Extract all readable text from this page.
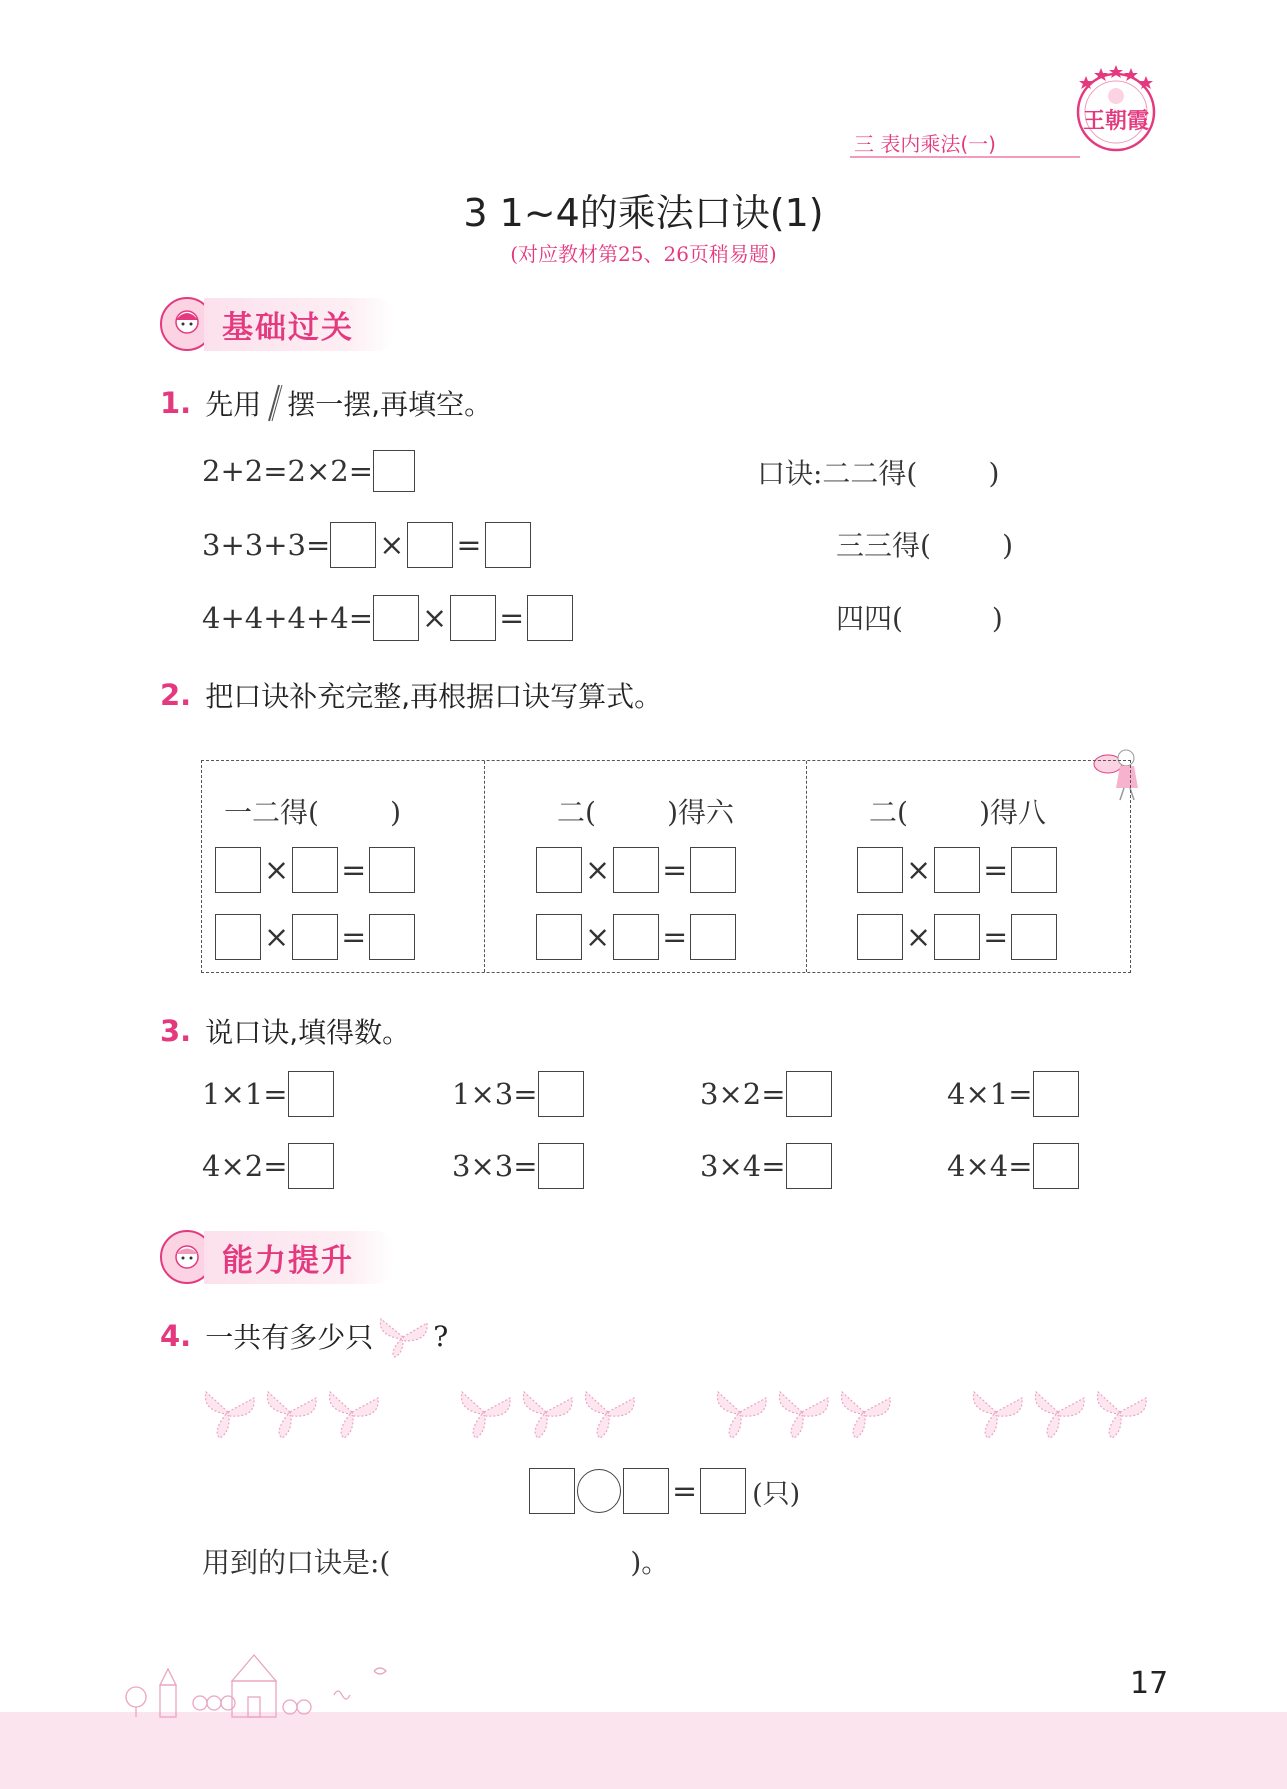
三 表内乘法(一)
王朝霞
3 1~4的乘法口诀(1)
(对应教材第25、26页稍易题)
基础过关
1. 先用 摆一摆,再填空。
2+2=2×2=
3+3+3= × =
4+4+4+4= × =
口诀:二二得(        )
三三得(        )
四四(          )
2. 把口诀补充完整,再根据口诀写算式。
一二得(        )
× =
× =
二(        )得六
× =
× =
二(        )得八
× =
× =
3. 说口诀,填得数。
1×1=	1×3=	3×2=	4×1=
4×2=	3×3=	3×4=	4×4=
能力提升
4. 一共有多少只 ?
= (只)
用到的口诀是:(	)。
17
